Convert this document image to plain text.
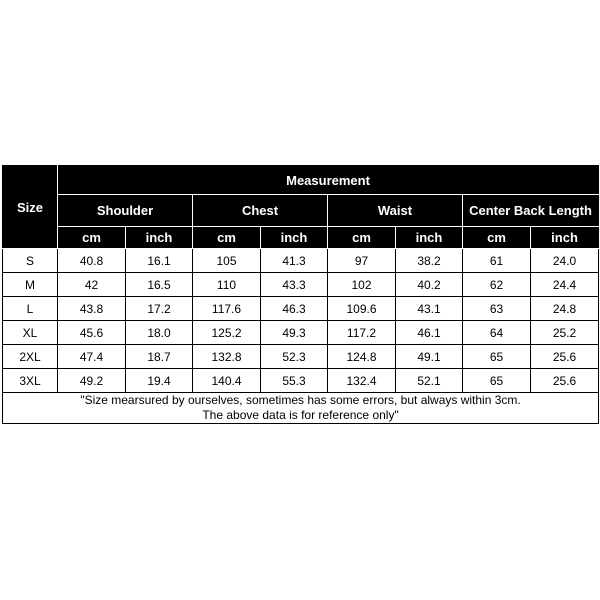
Size	Measurement							
	Shoulder		Chest		Waist		Center Back Length	
	cm	inch	cm	inch	cm	inch	cm	inch
S	40.8	16.1	105	41.3	97	38.2	61	24.0
M	42	16.5	110	43.3	102	40.2	62	24.4
L	43.8	17.2	117.6	46.3	109.6	43.1	63	24.8
XL	45.6	18.0	125.2	49.3	117.2	46.1	64	25.2
2XL	47.4	18.7	132.8	52.3	124.8	49.1	65	25.6
3XL	49.2	19.4	140.4	55.3	132.4	52.1	65	25.6

"Size mearsured by ourselves, sometimes has some errors, but always within 3cm.
The above data is for reference only"								
